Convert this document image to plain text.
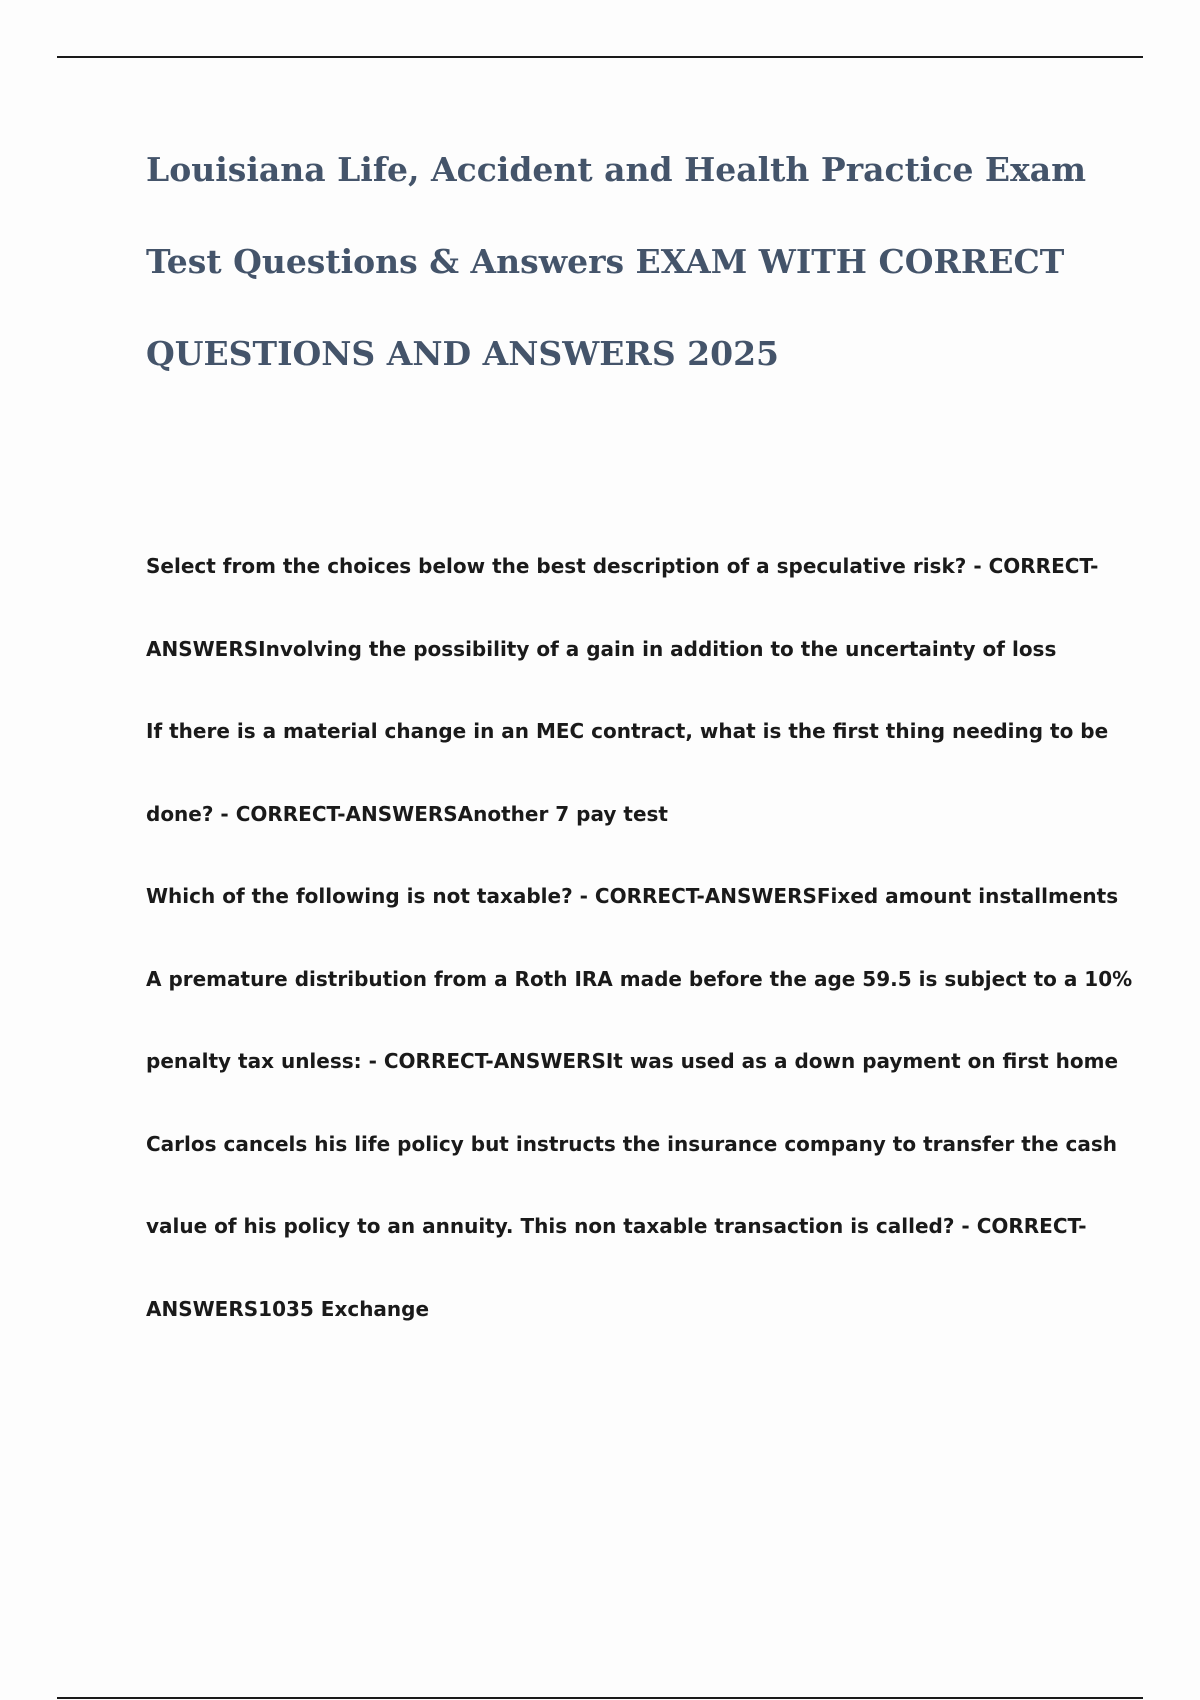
Louisiana Life, Accident and Health Practice Exam
Test Questions & Answers EXAM WITH CORRECT
QUESTIONS AND ANSWERS 2025
Select from the choices below the best description of a speculative risk? - CORRECT-
ANSWERSInvolving the possibility of a gain in addition to the uncertainty of loss
If there is a material change in an MEC contract, what is the first thing needing to be
done? - CORRECT-ANSWERSAnother 7 pay test
Which of the following is not taxable? - CORRECT-ANSWERSFixed amount installments
A premature distribution from a Roth IRA made before the age 59.5 is subject to a 10%
penalty tax unless: - CORRECT-ANSWERSIt was used as a down payment on first home
Carlos cancels his life policy but instructs the insurance company to transfer the cash
value of his policy to an annuity. This non taxable transaction is called? - CORRECT-
ANSWERS1035 Exchange
